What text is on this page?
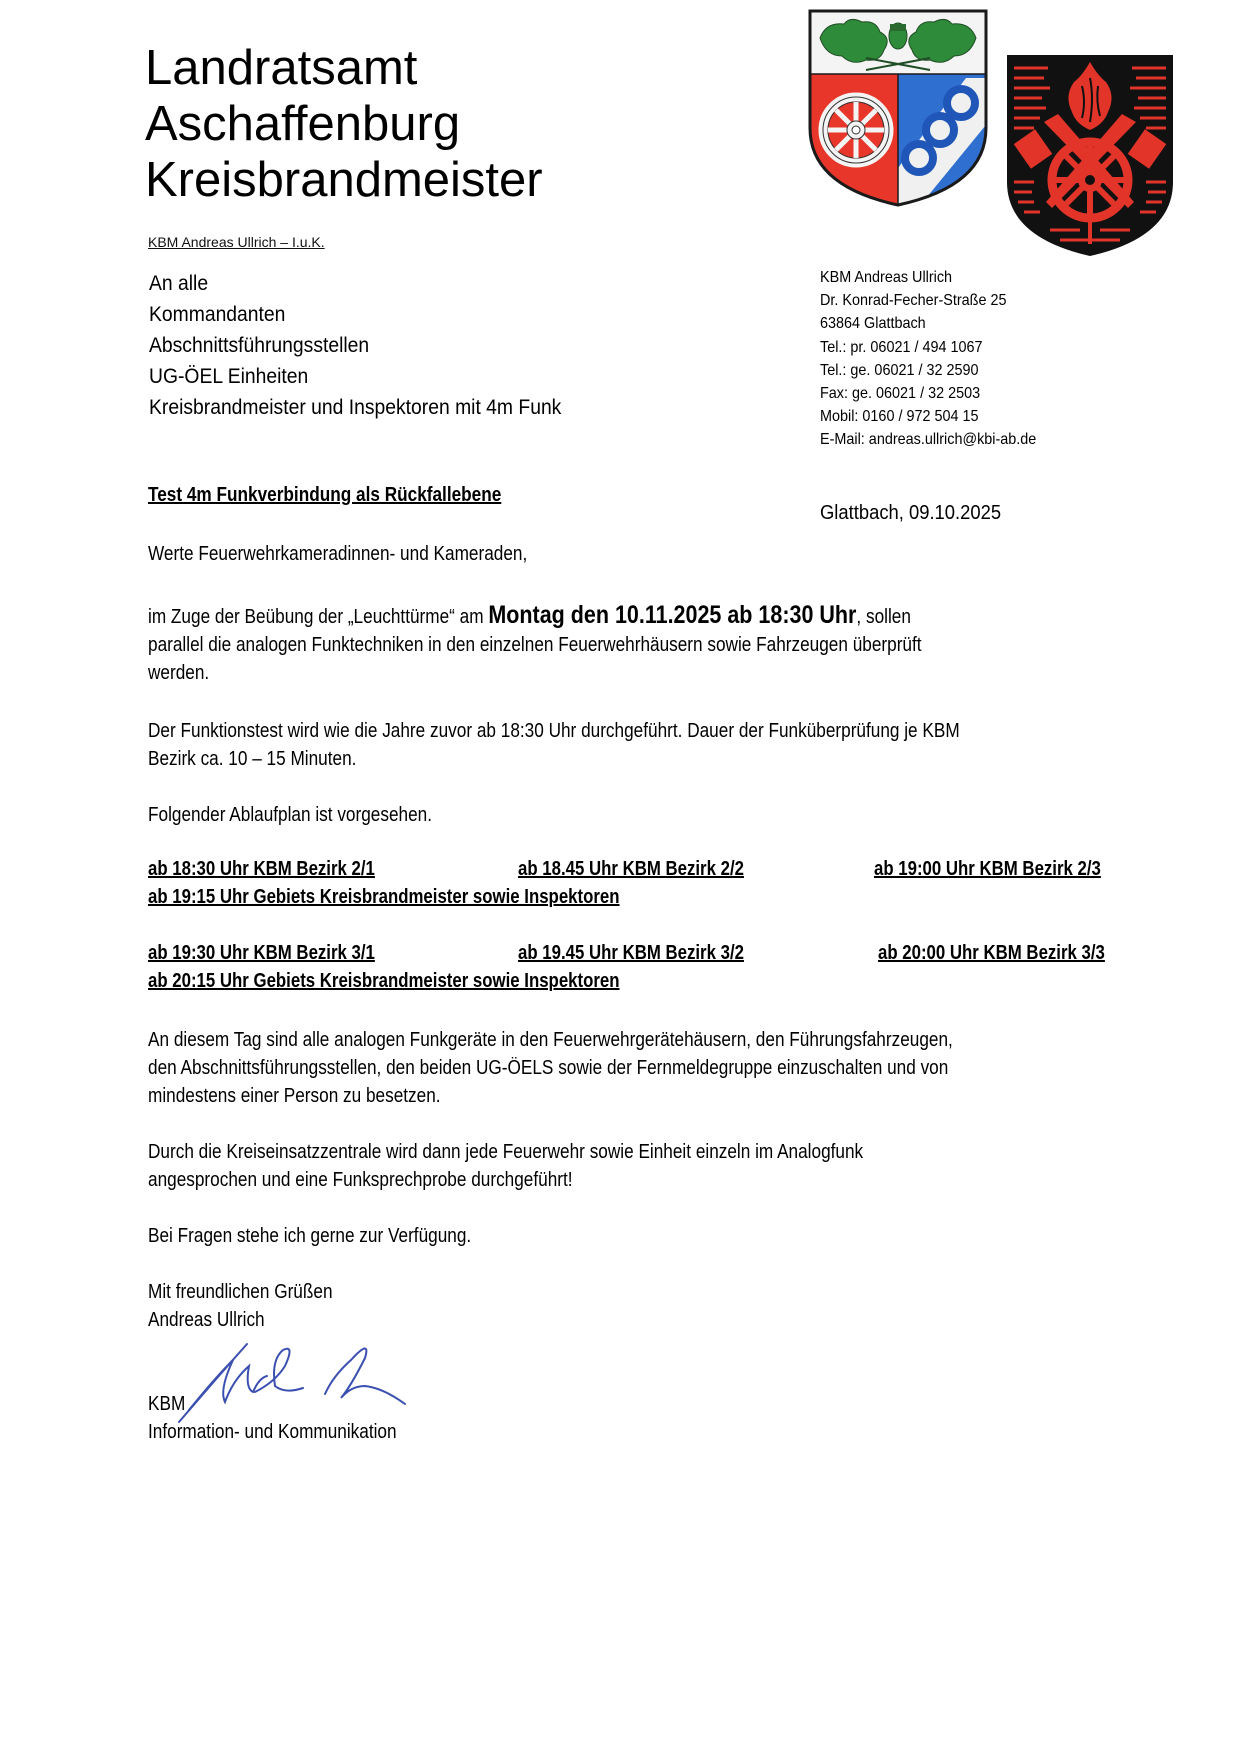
Landratsamt
Aschaffenburg
Kreisbrandmeister
KBM Andreas Ullrich – I.u.K.
An alle
Kommandanten
Abschnittsführungsstellen
UG-ÖEL Einheiten
Kreisbrandmeister und Inspektoren mit 4m Funk
KBM Andreas Ullrich
Dr. Konrad-Fecher-Straße 25
63864 Glattbach
Tel.: pr. 06021 / 494 1067
Tel.: ge. 06021 / 32 2590
Fax: ge. 06021 / 32 2503
Mobil: 0160 / 972 504 15
E-Mail: andreas.ullrich@kbi-ab.de
Test 4m Funkverbindung als Rückfallebene
Glattbach, 09.10.2025
Werte Feuerwehrkameradinnen- und Kameraden,
im Zuge der Beübung der „Leuchttürme“ am Montag den 10.11.2025 ab 18:30 Uhr, sollen
parallel die analogen Funktechniken in den einzelnen Feuerwehrhäusern sowie Fahrzeugen überprüft
werden.
Der Funktionstest wird wie die Jahre zuvor ab 18:30 Uhr durchgeführt. Dauer der Funküberprüfung je KBM
Bezirk ca. 10 – 15 Minuten.
Folgender Ablaufplan ist vorgesehen.
ab 18:30 Uhr KBM Bezirk 2/1	ab 18.45 Uhr KBM Bezirk 2/2	ab 19:00 Uhr KBM Bezirk 2/3
ab 19:15 Uhr Gebiets Kreisbrandmeister sowie Inspektoren
ab 19:30 Uhr KBM Bezirk 3/1	ab 19.45 Uhr KBM Bezirk 3/2	ab 20:00 Uhr KBM Bezirk 3/3
ab 20:15 Uhr Gebiets Kreisbrandmeister sowie Inspektoren
An diesem Tag sind alle analogen Funkgeräte in den Feuerwehrgerätehäusern, den Führungsfahrzeugen,
den Abschnittsführungsstellen, den beiden UG-ÖELS sowie der Fernmeldegruppe einzuschalten und von
mindestens einer Person zu besetzen.
Durch die Kreiseinsatzzentrale wird dann jede Feuerwehr sowie Einheit einzeln im Analogfunk
angesprochen und eine Funksprechprobe durchgeführt!
Bei Fragen stehe ich gerne zur Verfügung.
Mit freundlichen Grüßen
Andreas Ullrich
KBM
Information- und Kommunikation
